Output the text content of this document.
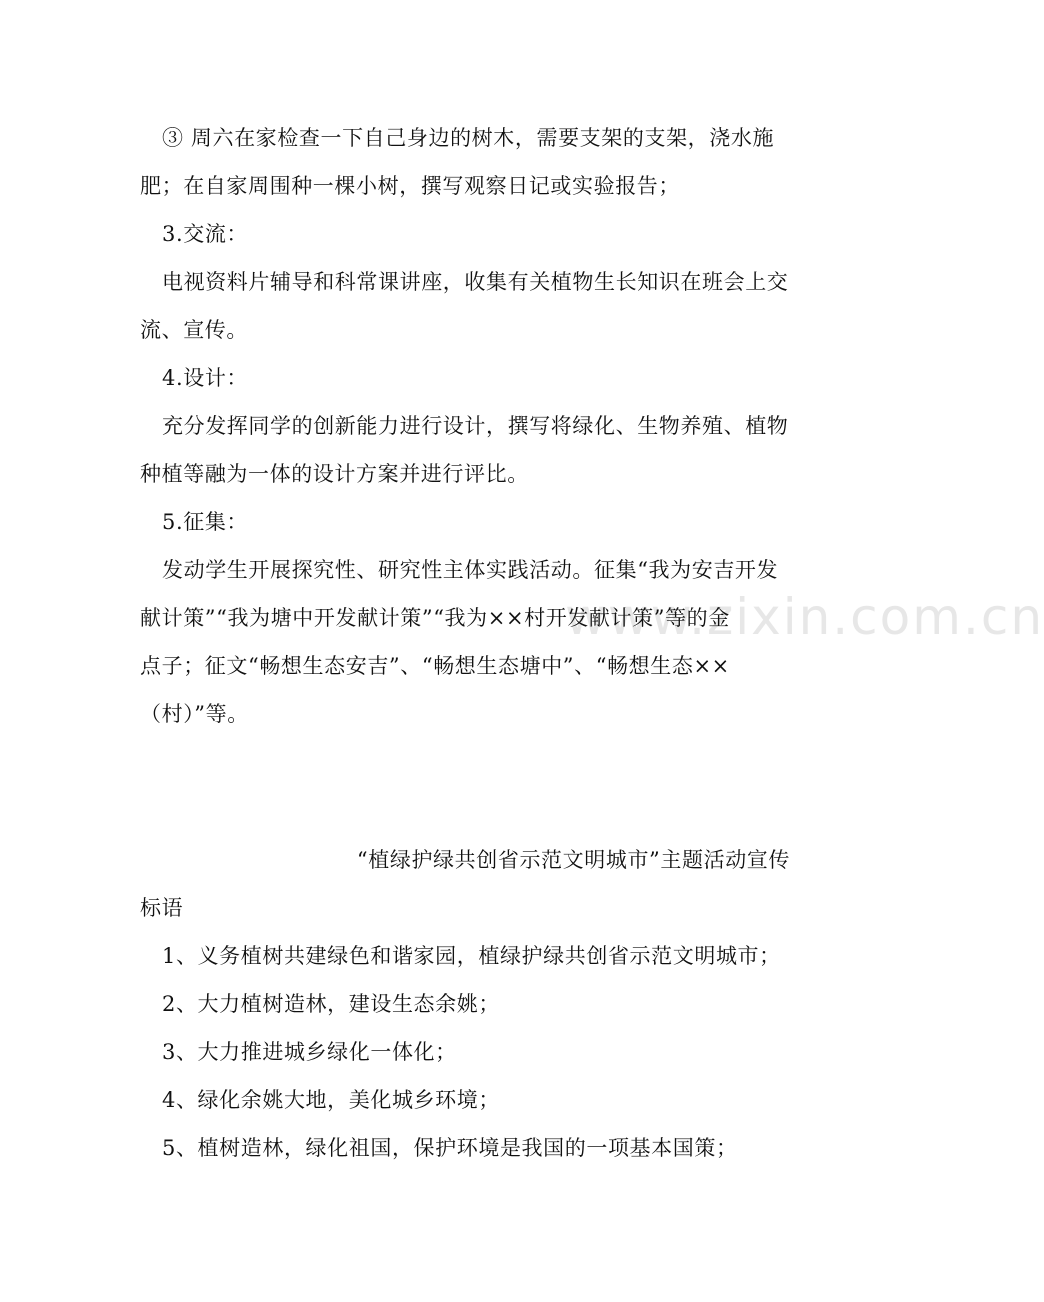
www.zixin.com.cn
③ 周六在家检查一下自己身边的树木，需要支架的支架，浇水施
肥；在自家周围种一棵小树，撰写观察日记或实验报告；
3.交流：
电视资料片辅导和科常课讲座，收集有关植物生长知识在班会上交
流、宣传。
4.设计：
充分发挥同学的创新能力进行设计，撰写将绿化、生物养殖、植物
种植等融为一体的设计方案并进行评比。
5.征集：
发动学生开展探究性、研究性主体实践活动。征集“我为安吉开发
献计策”“我为塘中开发献计策”“我为××村开发献计策”等的金
点子；征文“畅想生态安吉”、“畅想生态塘中”、“畅想生态××
（村）”等。
“植绿护绿共创省示范文明城市”主题活动宣传
标语
1、义务植树共建绿色和谐家园，植绿护绿共创省示范文明城市；
2、大力植树造林，建设生态余姚；
3、大力推进城乡绿化一体化；
4、绿化余姚大地，美化城乡环境；
5、植树造林，绿化祖国，保护环境是我国的一项基本国策；
